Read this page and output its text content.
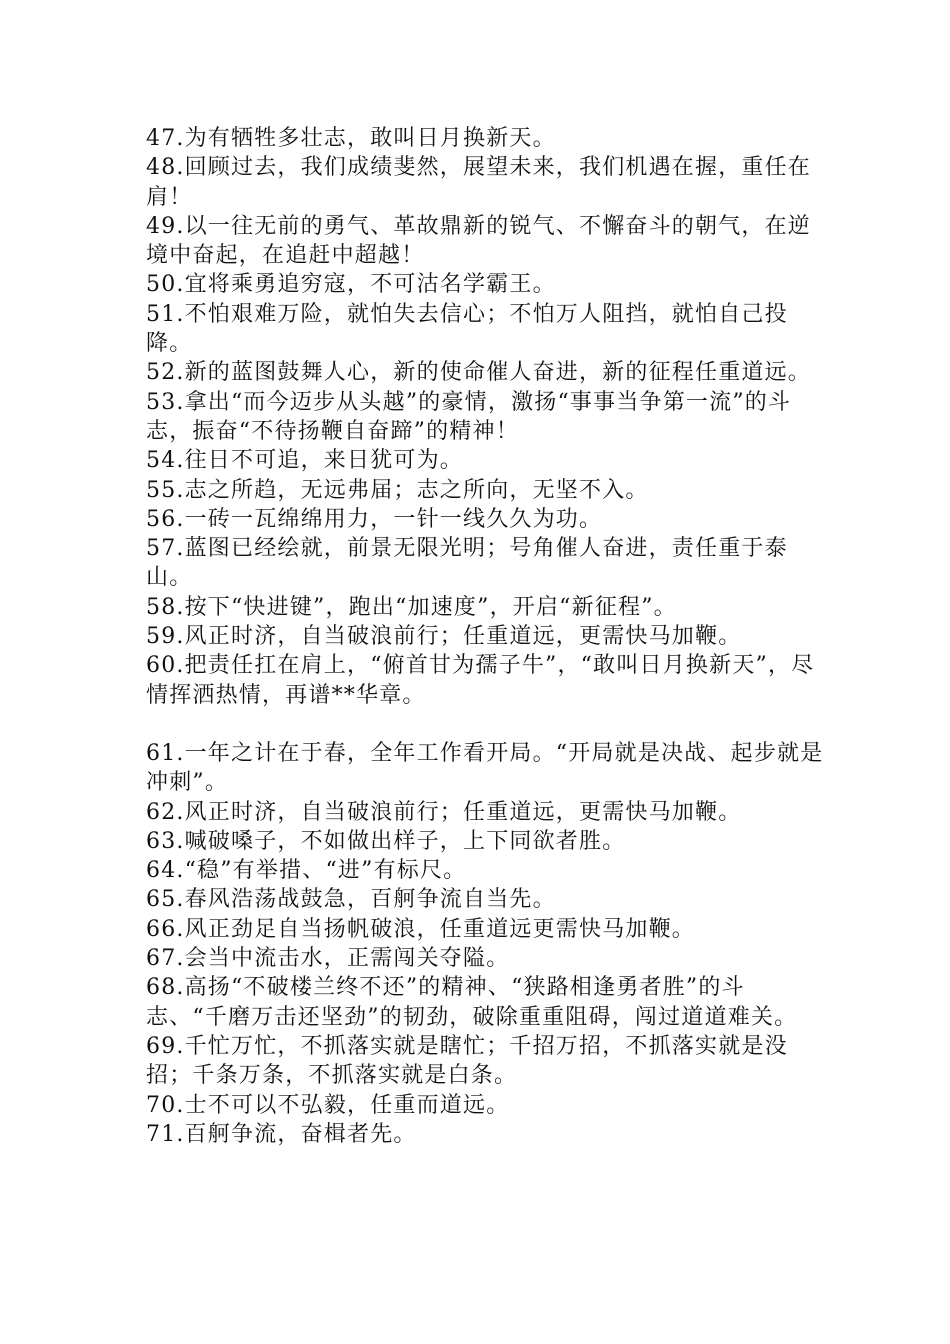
47.为有牺牲多壮志，敢叫日月换新天。

48.回顾过去，我们成绩斐然，展望未来，我们机遇在握，重任在肩！

49.以一往无前的勇气、革故鼎新的锐气、不懈奋斗的朝气，在逆境中奋起，在追赶中超越！

50.宜将乘勇追穷寇，不可沽名学霸王。

51.不怕艰难万险，就怕失去信心；不怕万人阻挡，就怕自己投降。

52.新的蓝图鼓舞人心，新的使命催人奋进，新的征程任重道远。

53.拿出“而今迈步从头越”的豪情，激扬“事事当争第一流”的斗志，振奋“不待扬鞭自奋蹄”的精神！

54.往日不可追，来日犹可为。

55.志之所趋，无远弗届；志之所向，无坚不入。

56.一砖一瓦绵绵用力，一针一线久久为功。

57.蓝图已经绘就，前景无限光明；号角催人奋进，责任重于泰山。

58.按下“快进键”，跑出“加速度”，开启“新征程”。

59.风正时济，自当破浪前行；任重道远，更需快马加鞭。

60.把责任扛在肩上，“俯首甘为孺子牛”，“敢叫日月换新天”，尽情挥洒热情，再谱**华章。

61.一年之计在于春，全年工作看开局。“开局就是决战、起步就是冲刺”。

62.风正时济，自当破浪前行；任重道远，更需快马加鞭。

63.喊破嗓子，不如做出样子，上下同欲者胜。

64.“稳”有举措、“进”有标尺。

65.春风浩荡战鼓急，百舸争流自当先。

66.风正劲足自当扬帆破浪，任重道远更需快马加鞭。

67.会当中流击水，正需闯关夺隘。

68.高扬“不破楼兰终不还”的精神、“狭路相逢勇者胜”的斗志、“千磨万击还坚劲”的韧劲，破除重重阻碍，闯过道道难关。

69.千忙万忙，不抓落实就是瞎忙；千招万招，不抓落实就是没招；千条万条，不抓落实就是白条。

70.士不可以不弘毅，任重而道远。

71.百舸争流，奋楫者先。
